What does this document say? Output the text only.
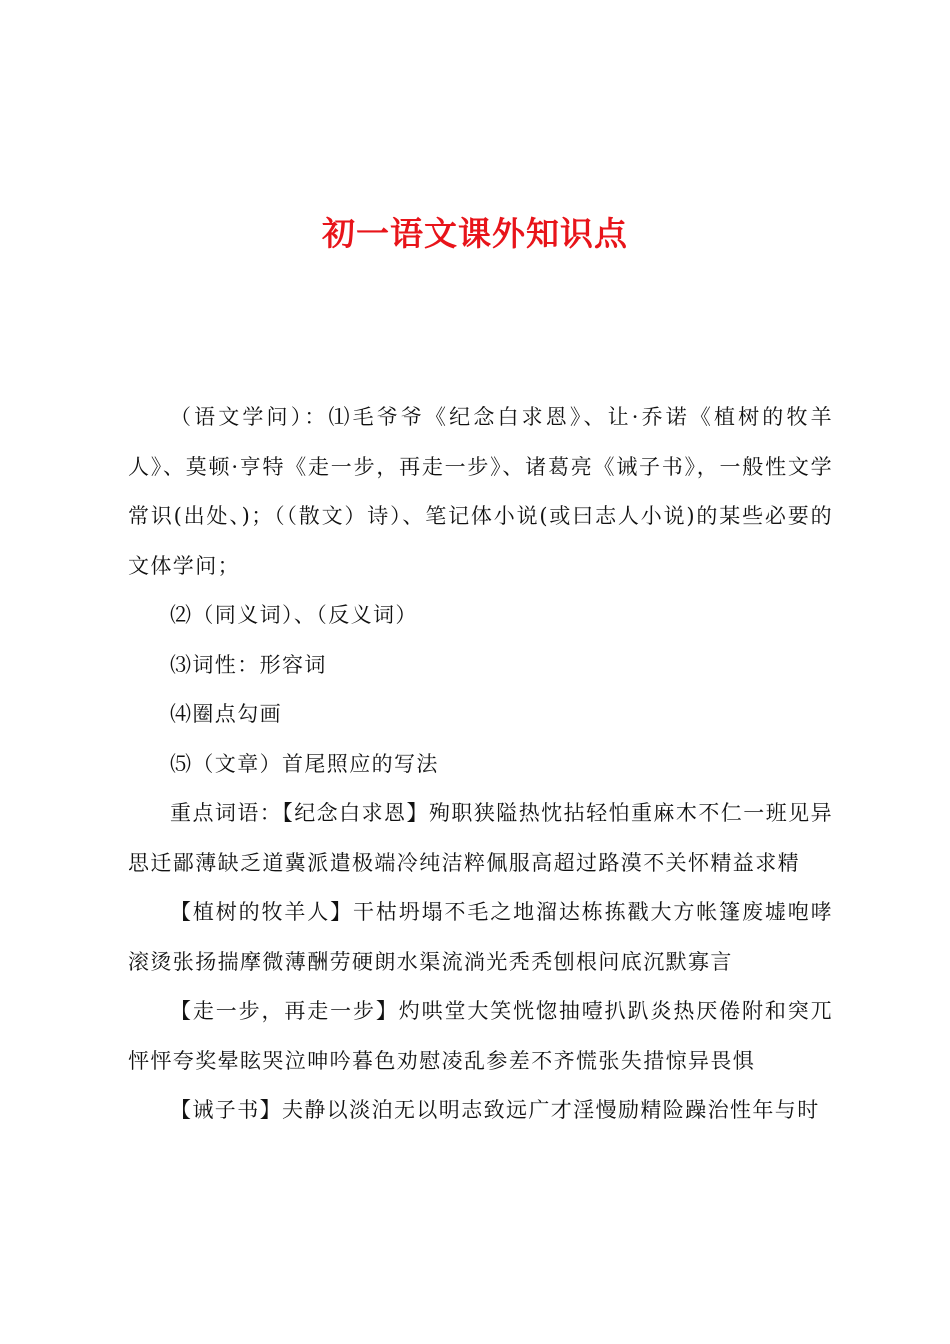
初一语文课外知识点

（语文学问）：⑴毛爷爷《纪念白求恩》、让·乔诺《植树的牧羊人》、莫顿·亨特《走一步，再走一步》、诸葛亮《诫子书》，一般性文学常识(出处、)；（（散文）诗）、笔记体小说(或曰志人小说)的某些必要的文体学问；

⑵（同义词）、（反义词）

⑶词性：形容词

⑷圈点勾画

⑸（文章）首尾照应的写法

重点词语：【纪念白求恩】殉职狭隘热忱拈轻怕重麻木不仁一班见异思迁鄙薄缺乏道冀派遣极端冷纯洁粹佩服高超过路漠不关怀精益求精

【植树的牧羊人】干枯坍塌不毛之地溜达栋拣戳大方帐篷废墟咆哮滚烫张扬揣摩微薄酬劳硬朗水渠流淌光秃秃刨根问底沉默寡言

【走一步，再走一步】灼哄堂大笑恍惚抽噎扒趴炎热厌倦附和突兀怦怦夸奖晕眩哭泣呻吟暮色劝慰凌乱参差不齐慌张失措惊异畏惧

【诫子书】夫静以淡泊无以明志致远广才淫慢励精险躁治性年与时
